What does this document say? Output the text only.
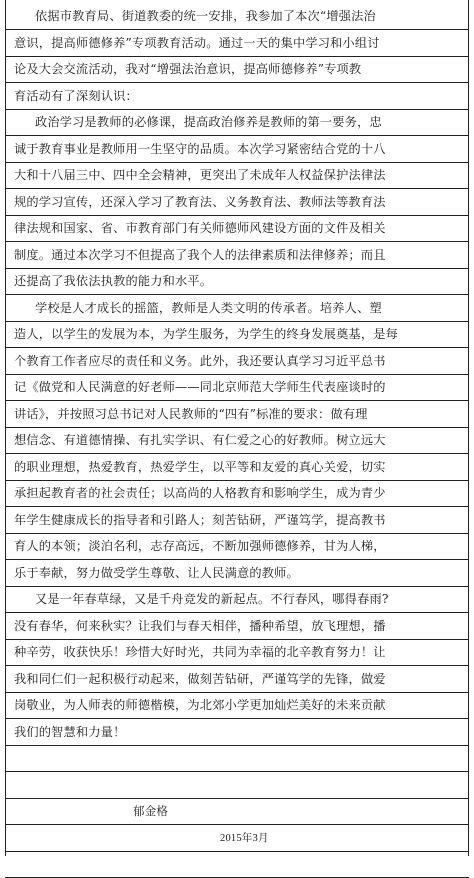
依据市教育局、街道教委的统一安排，我参加了本次“增强法治
意识，提高师德修养”专项教育活动。通过一天的集中学习和小组讨
论及大会交流活动，我对“增强法治意识，提高师德修养”专项教
育活动有了深刻认识：
政治学习是教师的必修课，提高政治修养是教师的第一要务，忠
诚于教育事业是教师用一生坚守的品质。本次学习紧密结合党的十八
大和十八届三中、四中全会精神，更突出了未成年人权益保护法律法
规的学习宣传，还深入学习了教育法、义务教育法、教师法等教育法
律法规和国家、省、市教育部门有关师德师风建设方面的文件及相关
制度。通过本次学习不但提高了我个人的法律素质和法律修养；而且
还提高了我依法执教的能力和水平。
学校是人才成长的摇篮，教师是人类文明的传承者。培养人、塑
造人，以学生的发展为本，为学生服务，为学生的终身发展奠基，是每
个教育工作者应尽的责任和义务。此外，我还要认真学习习近平总书
记《做党和人民满意的好老师——同北京师范大学师生代表座谈时的
讲话》，并按照习总书记对人民教师的“四有”标准的要求：做有理
想信念、有道德情操、有扎实学识、有仁爱之心的好教师。树立远大
的职业理想，热爱教育，热爱学生，以平等和友爱的真心关爱，切实
承担起教育者的社会责任；以高尚的人格教育和影响学生，成为青少
年学生健康成长的指导者和引路人；刻苦钻研，严谨笃学，提高教书
育人的本领；淡泊名利，志存高远，不断加强师德修养，甘为人梯，
乐于奉献，努力做受学生尊敬、让人民满意的教师。
又是一年春草绿，又是千舟竞发的新起点。不行春风，哪得春雨?
没有春华，何来秋实？让我们与春天相伴，播种希望，放飞理想，播
种辛劳，收获快乐！珍惜大好时光，共同为幸福的北辛教育努力！让
我和同仁们一起积极行动起来，做刻苦钻研，严谨笃学的先锋，做爱
岗敬业，为人师表的师德楷模，为北郊小学更加灿烂美好的未来贡献
我们的智慧和力量！
郁金格
2015年3月
